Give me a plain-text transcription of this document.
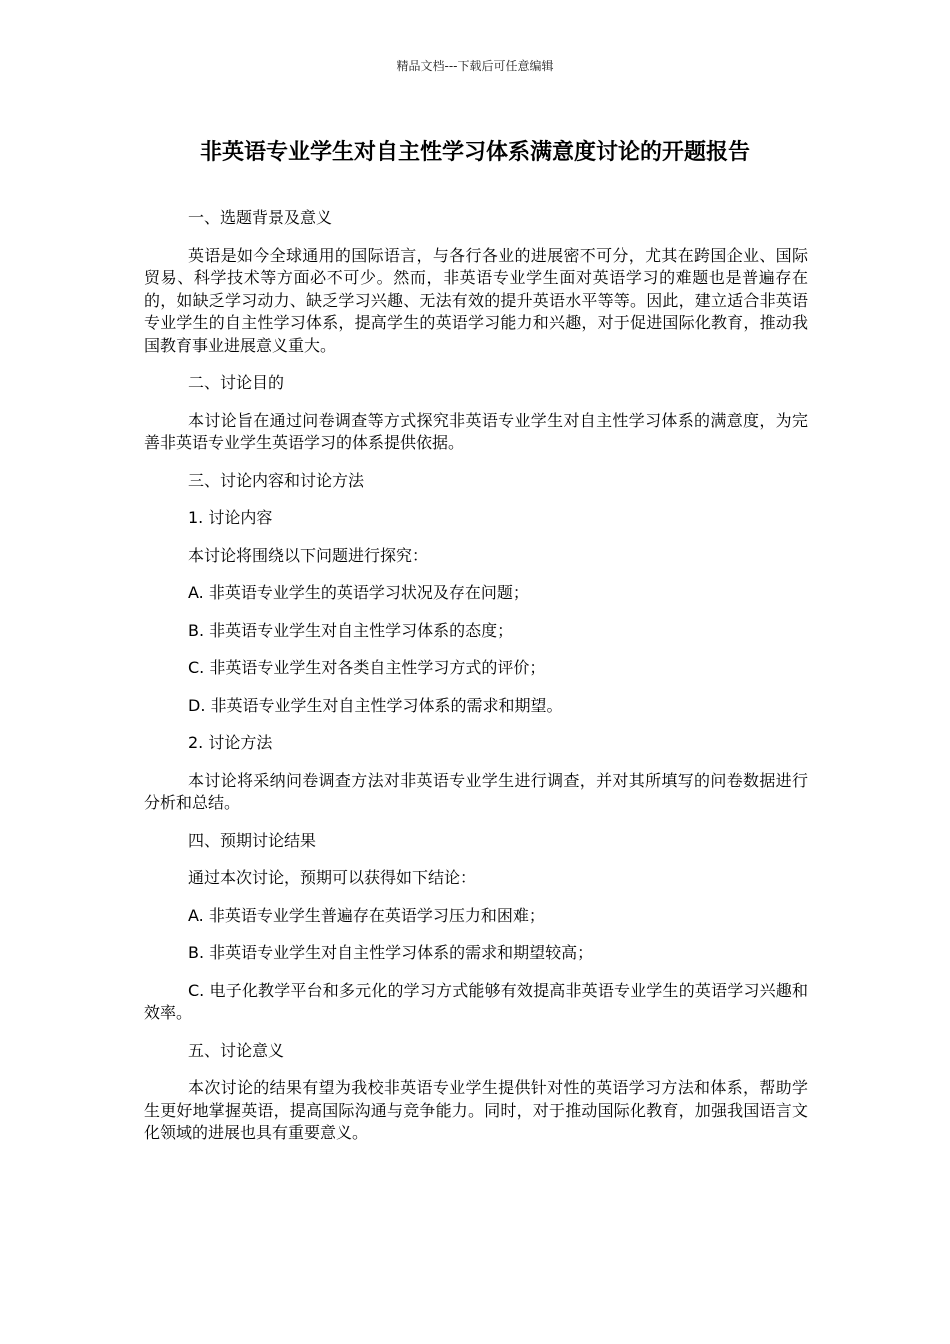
精品文档---下载后可任意编辑
非英语专业学生对自主性学习体系满意度讨论的开题报告

一、选题背景及意义

英语是如今全球通用的国际语言，与各行各业的进展密不可分，尤其在跨国企业、国际贸易、科学技术等方面必不可少。然而，非英语专业学生面对英语学习的难题也是普遍存在的，如缺乏学习动力、缺乏学习兴趣、无法有效的提升英语水平等等。因此，建立适合非英语专业学生的自主性学习体系，提高学生的英语学习能力和兴趣，对于促进国际化教育，推动我国教育事业进展意义重大。

二、讨论目的

本讨论旨在通过问卷调查等方式探究非英语专业学生对自主性学习体系的满意度，为完善非英语专业学生英语学习的体系提供依据。

三、讨论内容和讨论方法

1. 讨论内容

本讨论将围绕以下问题进行探究：

A. 非英语专业学生的英语学习状况及存在问题；

B. 非英语专业学生对自主性学习体系的态度；

C. 非英语专业学生对各类自主性学习方式的评价；

D. 非英语专业学生对自主性学习体系的需求和期望。

2. 讨论方法

本讨论将采纳问卷调查方法对非英语专业学生进行调查，并对其所填写的问卷数据进行分析和总结。

四、预期讨论结果

通过本次讨论，预期可以获得如下结论：

A. 非英语专业学生普遍存在英语学习压力和困难；

B. 非英语专业学生对自主性学习体系的需求和期望较高；

C. 电子化教学平台和多元化的学习方式能够有效提高非英语专业学生的英语学习兴趣和效率。

五、讨论意义

本次讨论的结果有望为我校非英语专业学生提供针对性的英语学习方法和体系，帮助学生更好地掌握英语，提高国际沟通与竞争能力。同时，对于推动国际化教育，加强我国语言文化领域的进展也具有重要意义。
